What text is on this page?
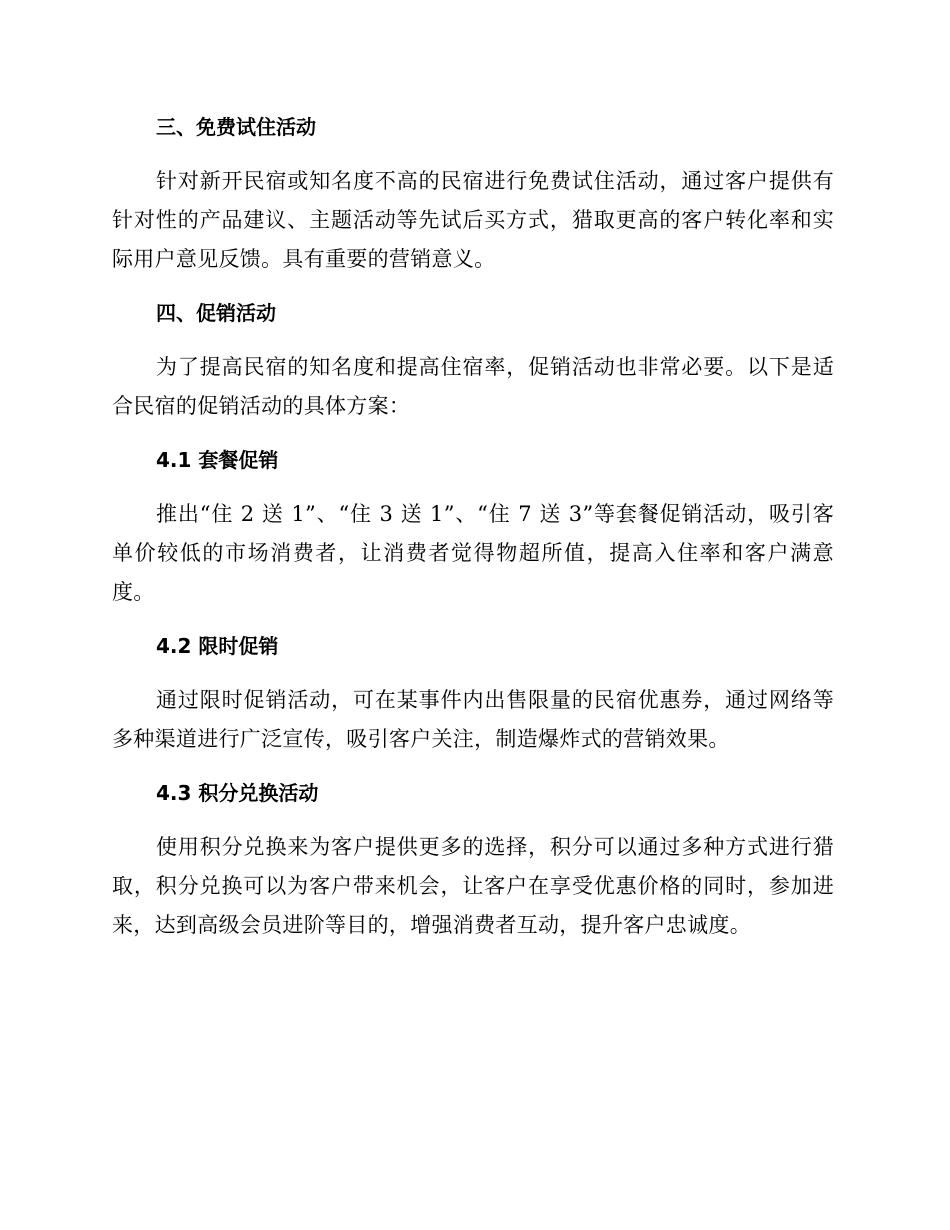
三、免费试住活动

针对新开民宿或知名度不高的民宿进行免费试住活动，通过客户提供有针对性的产品建议、主题活动等先试后买方式，猎取更高的客户转化率和实际用户意见反馈。具有重要的营销意义。

四、促销活动

为了提高民宿的知名度和提高住宿率，促销活动也非常必要。以下是适合民宿的促销活动的具体方案：

4.1 套餐促销

推出“住 2 送 1”、“住 3 送 1”、“住 7 送 3”等套餐促销活动，吸引客单价较低的市场消费者，让消费者觉得物超所值，提高入住率和客户满意度。

4.2 限时促销

通过限时促销活动，可在某事件内出售限量的民宿优惠券，通过网络等多种渠道进行广泛宣传，吸引客户关注，制造爆炸式的营销效果。

4.3 积分兑换活动

使用积分兑换来为客户提供更多的选择，积分可以通过多种方式进行猎取，积分兑换可以为客户带来机会，让客户在享受优惠价格的同时，参加进来，达到高级会员进阶等目的，增强消费者互动，提升客户忠诚度。
